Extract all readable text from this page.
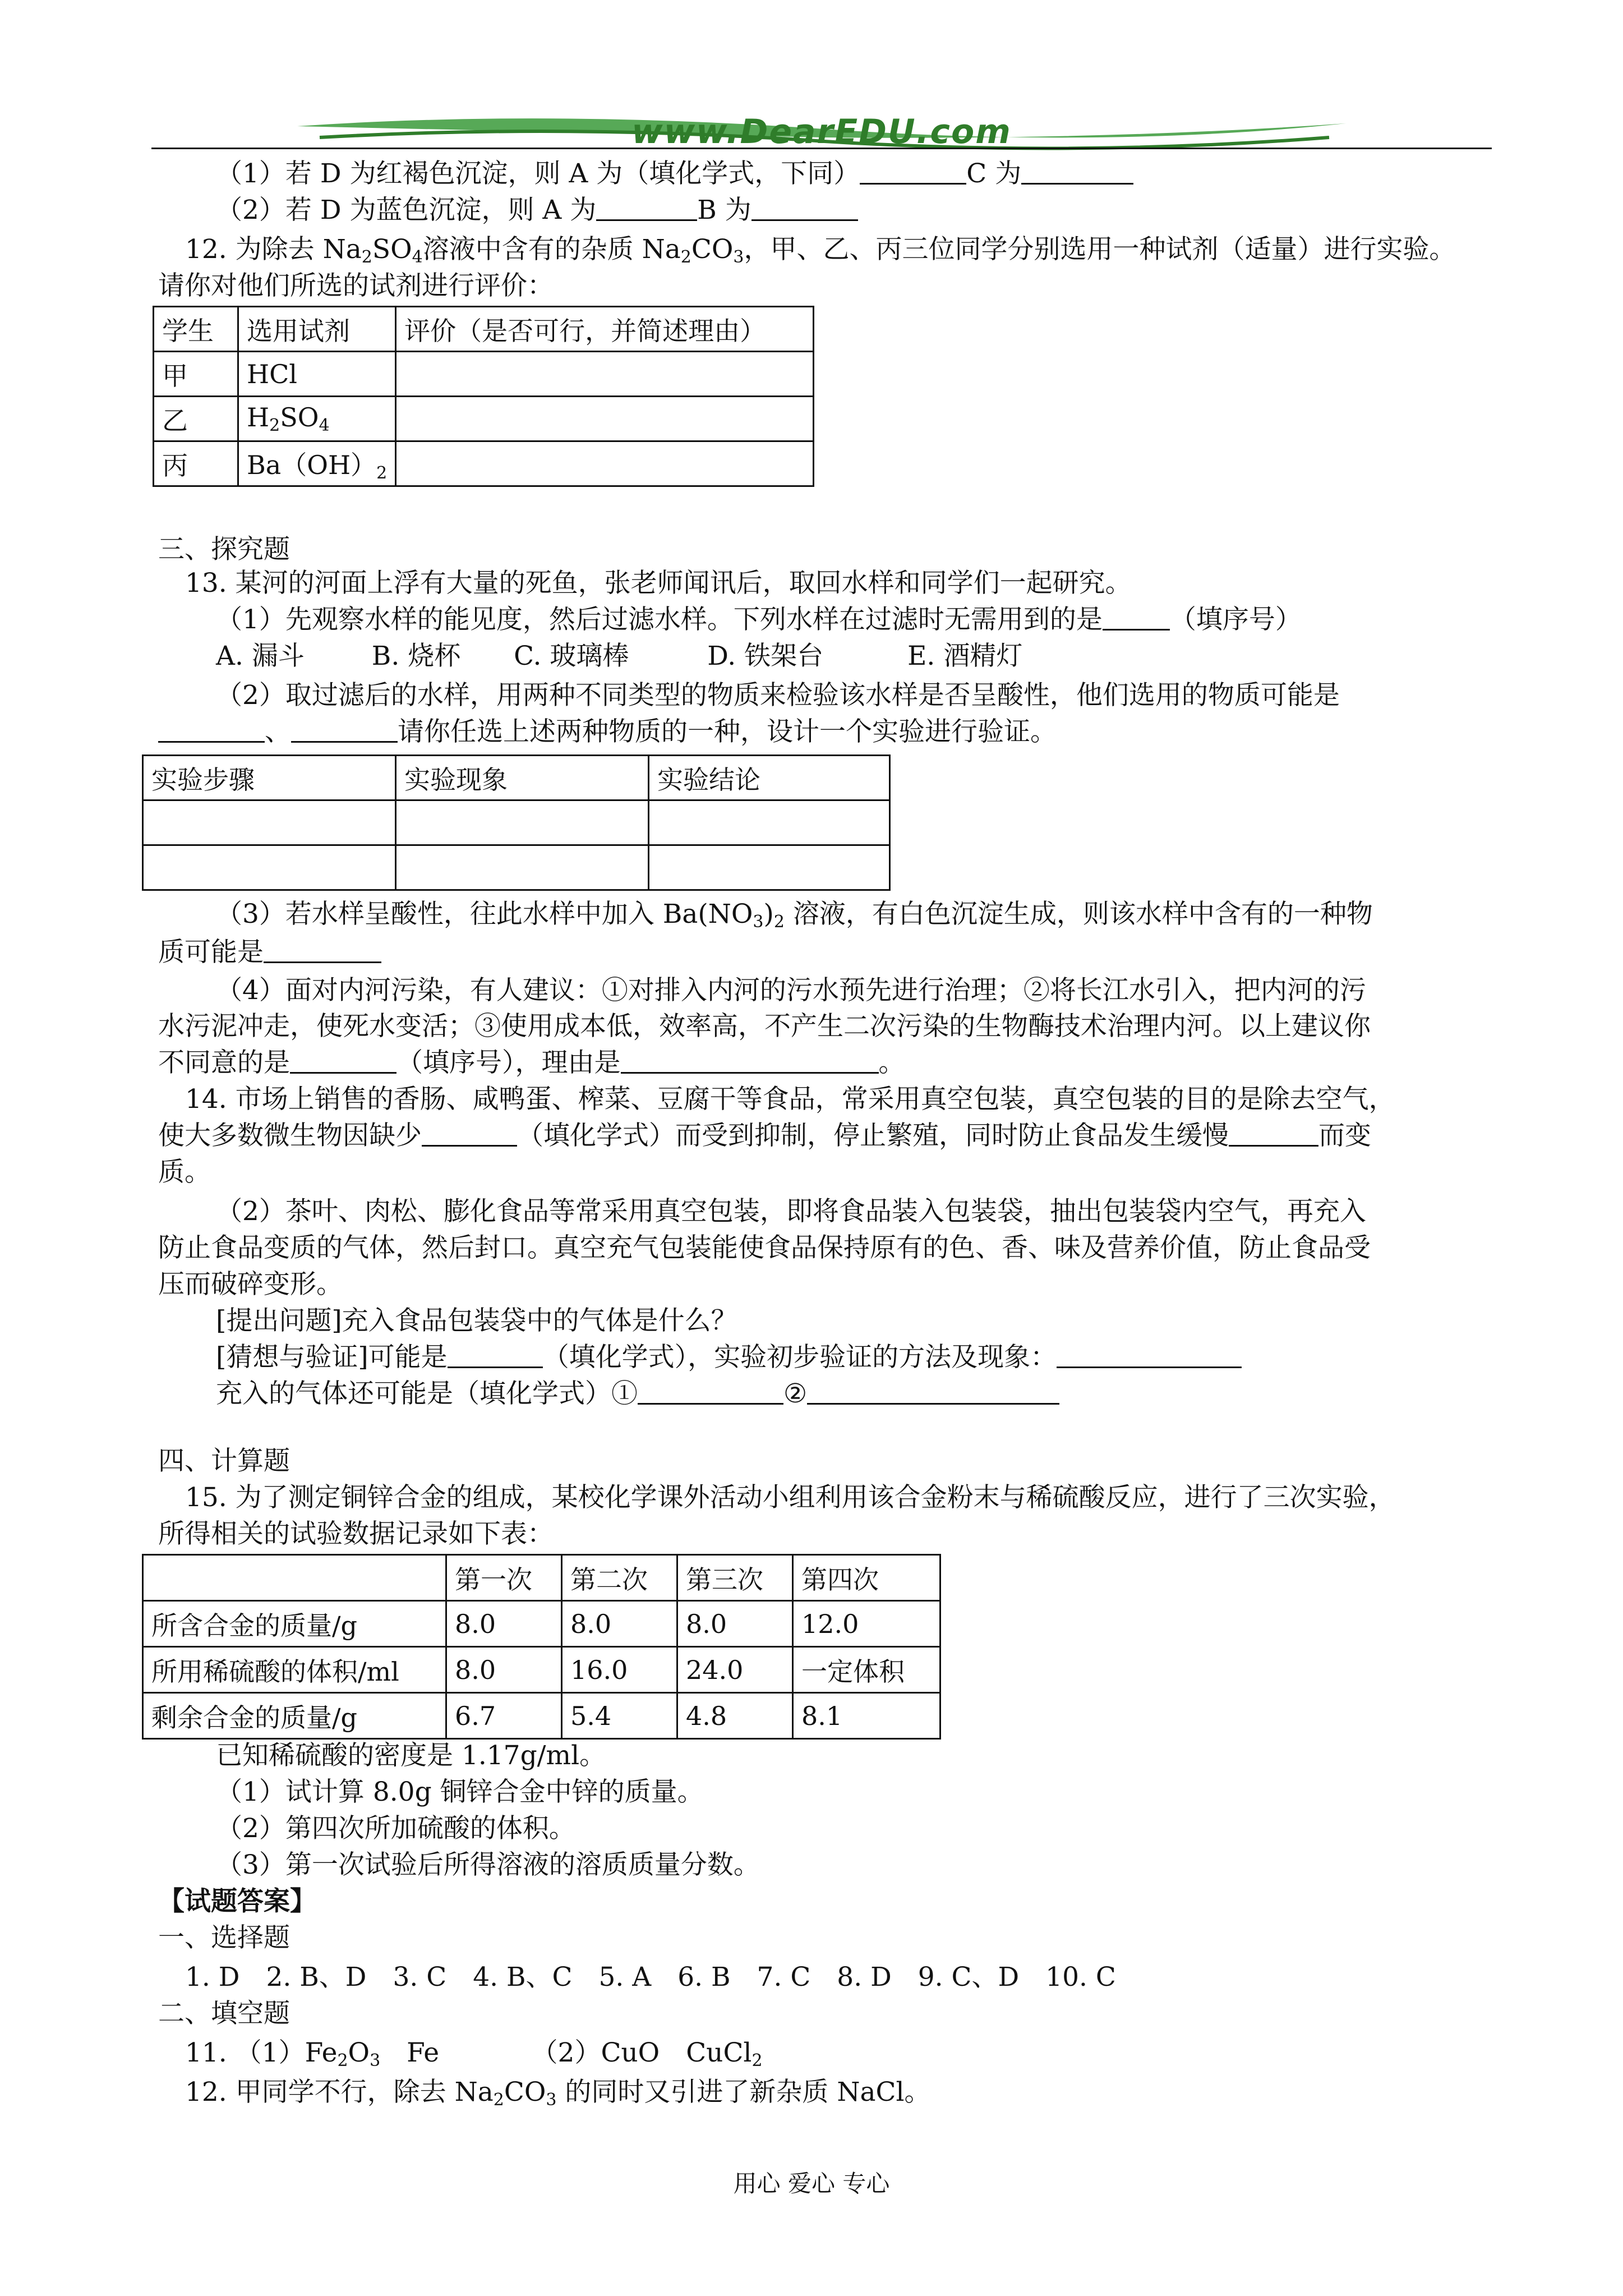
www.DearEDU.com
（1）若 D 为红褐色沉淀，则 A 为（填化学式，下同）	C 为
（2）若 D 为蓝色沉淀，则 A 为	B 为
12. 为除去 $Na_2SO_4$溶液中含有的杂质 $Na_2CO_3$，甲、乙、丙三位同学分别选用一种试剂（适量）进行实验。
请你对他们所选的试剂进行评价：
学生	选用试剂	评价（是否可行，并简述理由）
甲	HCl	
乙	$H_2SO_4$	
丙	$Ba(OH)_2$	
三、探究题
13. 某河的河面上浮有大量的死鱼，张老师闻讯后，取回水样和同学们一起研究。
（1）先观察水样的能见度，然后过滤水样。下列水样在过滤时无需用到的是	（填序号）
A. 漏斗	B. 烧杯 C. 玻璃棒	D. 铁架台	E. 酒精灯
（2）取过滤后的水样，用两种不同类型的物质来检验该水样是否呈酸性，他们选用的物质可能是
、	请你任选上述两种物质的一种，设计一个实验进行验证。
实验步骤	实验现象	实验结论

（3）若水样呈酸性，往此水样中加入 $Ba(NO_3)_2$ 溶液，有白色沉淀生成，则该水样中含有的一种物
质可能是
（4）面对内河污染，有人建议：①对排入内河的污水预先进行治理；②将长江水引入，把内河的污
水污泥冲走，使死水变活；③使用成本低，效率高，不产生二次污染的生物酶技术治理内河。以上建议你
不同意的是	（填序号），理由是	。
14. 市场上销售的香肠、咸鸭蛋、榨菜、豆腐干等食品，常采用真空包装，真空包装的目的是除去空气，
使大多数微生物因缺少	（填化学式）而受到抑制，停止繁殖，同时防止食品发生缓慢	而变
质。
（2）茶叶、肉松、膨化食品等常采用真空包装，即将食品装入包装袋，抽出包装袋内空气，再充入
防止食品变质的气体，然后封口。真空充气包装能使食品保持原有的色、香、味及营养价值，防止食品受
压而破碎变形。
[提出问题]充入食品包装袋中的气体是什么？
[猜想与验证]可能是	（填化学式），实验初步验证的方法及现象：
充入的气体还可能是（填化学式）①	②
四、计算题
15. 为了测定铜锌合金的组成，某校化学课外活动小组利用该合金粉末与稀硫酸反应，进行了三次实验，
所得相关的试验数据记录如下表：
	第一次	第二次	第三次	第四次
所含合金的质量/g	8.0	8.0	8.0	12.0
所用稀硫酸的体积/ml	8.0	16.0	24.0	一定体积
剩余合金的质量/g	6.7	5.4	4.8	8.1
已知稀硫酸的密度是 1.17g/ml。
（1）试计算 8.0g 铜锌合金中锌的质量。
（2）第四次所加硫酸的体积。
（3）第一次试验后所得溶液的溶质质量分数。
【试题答案】
一、选择题
1. D　2. B、D　3. C　4. B、C　5. A　6. B　7. C　8. D　9. C、D　10. C
二、填空题
11. $(1)Fe_2O_3$　Fe　　　　（2）CuO　CuCl$_2$
12. 甲同学不行，除去 $Na_2CO_3$ 的同时又引进了新杂质 NaCl。
用心 爱心 专心
